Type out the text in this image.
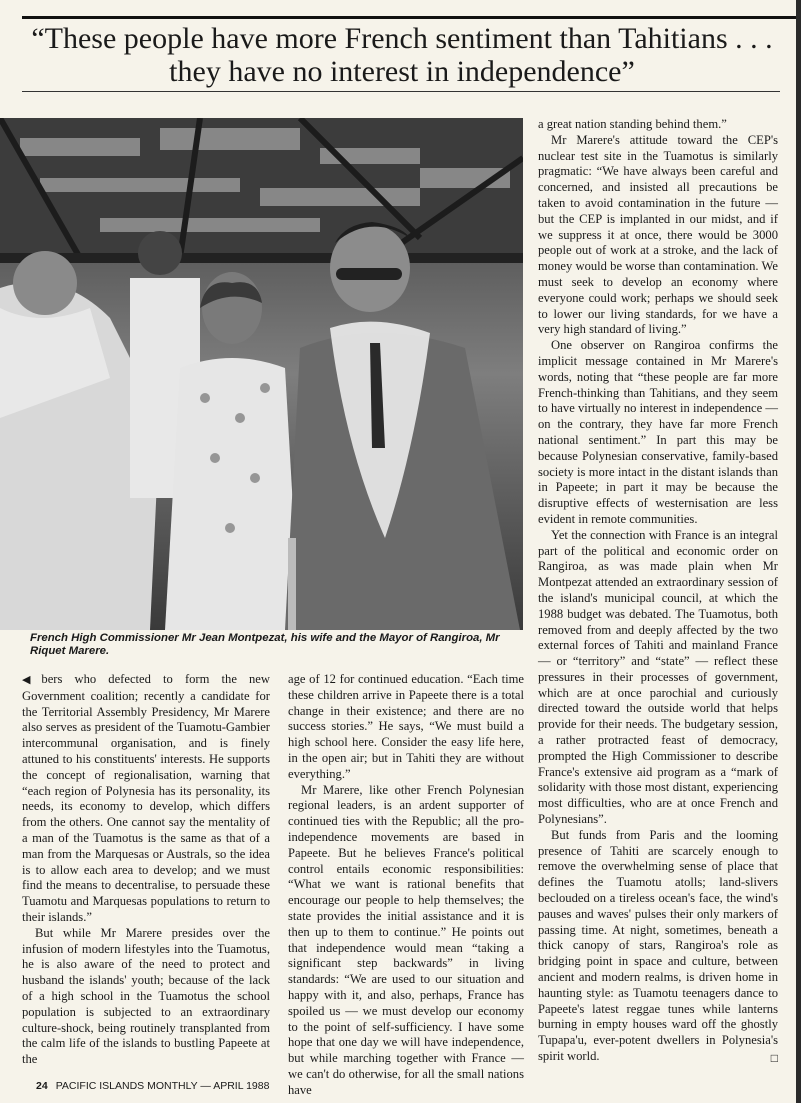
“These people have more French sentiment than Tahitians . . .
they have no interest in independence”
French High Commissioner Mr Jean Montpezat, his wife and the Mayor of Rangiroa, Mr Riquet Marere.

◀ bers who defected to form the new Government coalition; recently a candidate for the Territorial Assembly Presidency, Mr Marere also serves as president of the Tuamotu-Gambier intercommunal organisation, and is finely attuned to his constituents' interests. He supports the concept of regionalisation, warning that “each region of Polynesia has its personality, its needs, its economy to develop, which differs from the others. One cannot say the mentality of a man of the Tuamotus is the same as that of a man from the Marquesas or Australs, so the idea is to allow each area to develop; and we must find the means to decentralise, to persuade these Tuamotu and Marquesas populations to return to their islands.”

But while Mr Marere presides over the infusion of modern lifestyles into the Tuamotus, he is also aware of the need to protect and husband the islands' youth; because of the lack of a high school in the Tuamotus the school population is subjected to an extraordinary culture-shock, being routinely transplanted from the calm life of the islands to bustling Papeete at the

age of 12 for continued education. “Each time these children arrive in Papeete there is a total change in their existence; and there are no success stories.” He says, “We must build a high school here. Consider the easy life here, in the open air; but in Tahiti they are without everything.”

Mr Marere, like other French Polynesian regional leaders, is an ardent supporter of continued ties with the Republic; all the pro-independence movements are based in Papeete. But he believes France's political control entails economic responsibilities: “What we want is rational benefits that encourage our people to help themselves; the state provides the initial assistance and it is then up to them to continue.” He points out that independence would mean “taking a significant step backwards” in living standards: “We are used to our situation and happy with it, and also, perhaps, France has spoiled us — we must develop our economy to the point of self-sufficiency. I have some hope that one day we will have independence, but while marching together with France — we can't do otherwise, for all the small nations have

a great nation standing behind them.”

Mr Marere's attitude toward the CEP's nuclear test site in the Tuamotus is similarly pragmatic: “We have always been careful and concerned, and insisted all precautions be taken to avoid contamination in the future — but the CEP is implanted in our midst, and if we suppress it at once, there would be 3000 people out of work at a stroke, and the lack of money would be worse than contamination. We must seek to develop an economy where everyone could work; perhaps we should seek to lower our living standards, for we have a very high standard of living.”

One observer on Rangiroa confirms the implicit message contained in Mr Marere's words, noting that “these people are far more French-thinking than Tahitians, and they seem to have virtually no interest in independence — on the contrary, they have far more French national sentiment.” In part this may be because Polynesian conservative, family-based society is more intact in the distant islands than in Papeete; in part it may be because the disruptive effects of westernisation are less evident in remote communities.

Yet the connection with France is an integral part of the political and economic order on Rangiroa, as was made plain when Mr Montpezat attended an extraordinary session of the island's municipal council, at which the 1988 budget was debated. The Tuamotus, both removed from and deeply affected by the two external forces of Tahiti and mainland France — or “territory” and “state” — reflect these pressures in their processes of government, which are at once parochial and curiously directed toward the outside world that helps provide for their needs. The budgetary session, a rather protracted feast of democracy, prompted the High Commissioner to describe France's extensive aid program as a “mark of solidarity with those most distant, experiencing most difficulties, who are at once French and Polynesians”.

But funds from Paris and the looming presence of Tahiti are scarcely enough to remove the overwhelming sense of place that defines the Tuamotu atolls; land-slivers beclouded on a tireless ocean's face, the wind's pauses and waves' pulses their only markers of passing time. At night, sometimes, beneath a thick canopy of stars, Rangiroa's role as bridging point in space and culture, between ancient and modern realms, is driven home in haunting style: as Tuamotu teenagers dance to Papeete's latest reggae tunes while lanterns burning in empty houses ward off the ghostly Tupapa'u, ever-potent dwellers in Polynesia's spirit world.	□

24 PACIFIC ISLANDS MONTHLY — APRIL 1988
